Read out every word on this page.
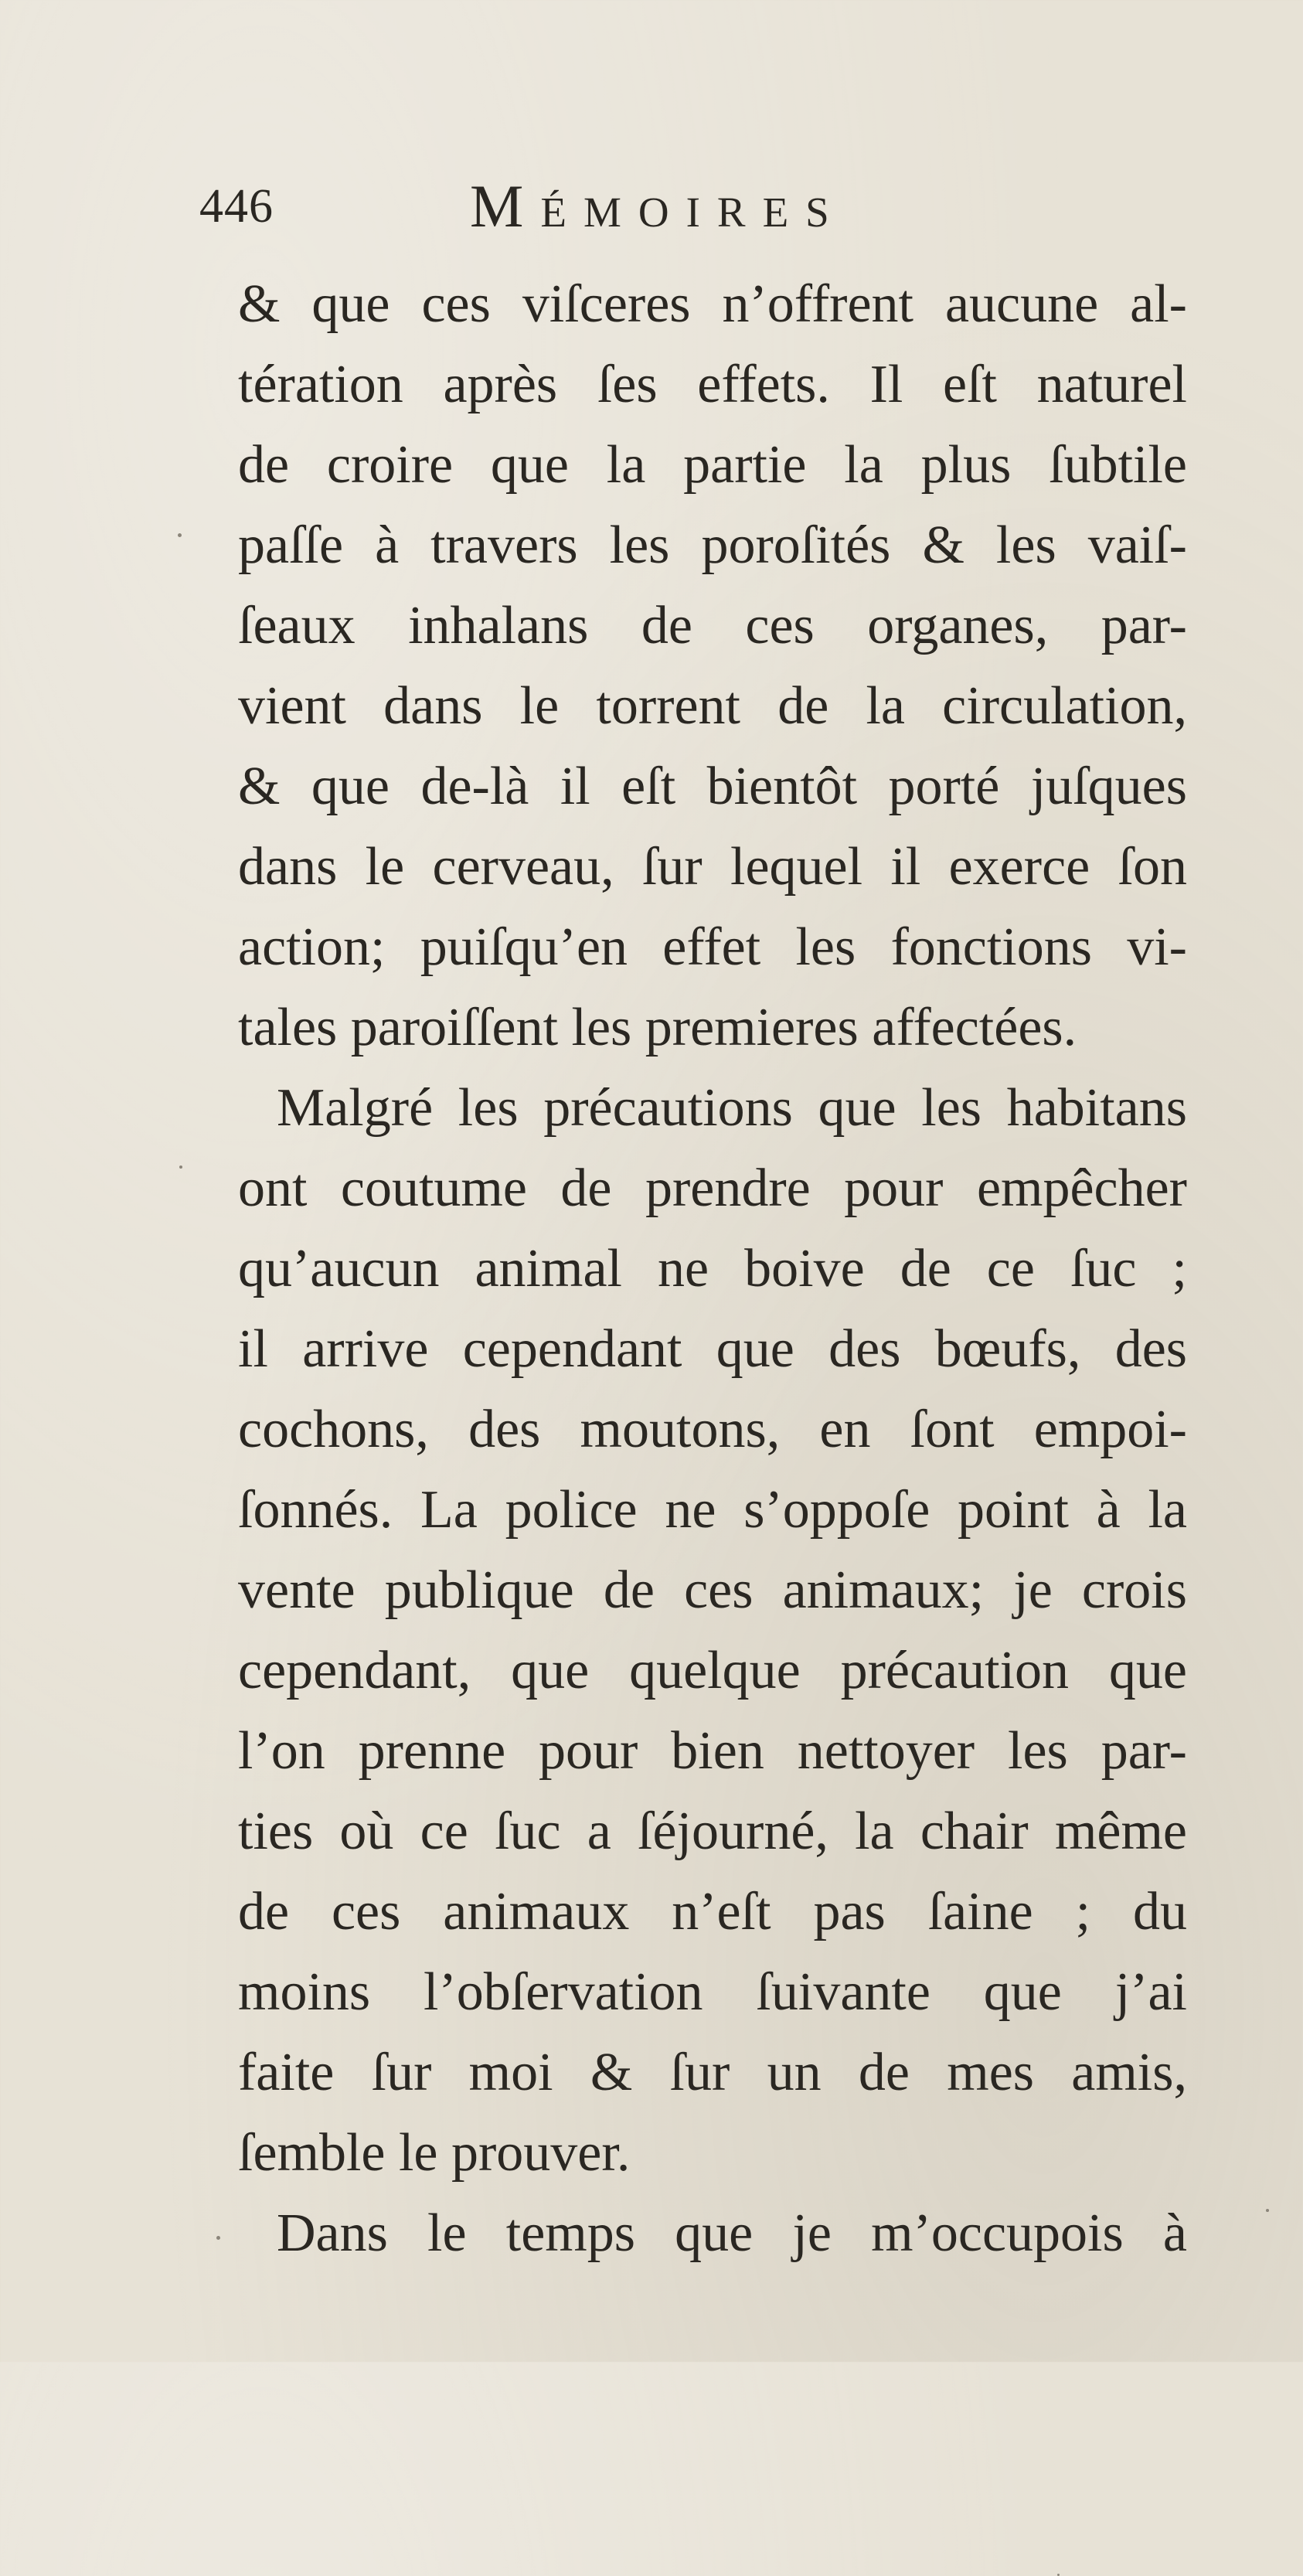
446	Mémoires
& que ces viſceres n’offrent aucune al-
tération après ſes effets. Il eſt naturel
de croire que la partie la plus ſubtile
paſſe à travers les poroſités & les vaiſ-
ſeaux inhalans de ces organes, par-
vient dans le torrent de la circulation,
& que de-là il eſt bientôt porté juſques
dans le cerveau, ſur lequel il exerce ſon
action; puiſqu’en effet les fonctions vi-
tales paroiſſent les premieres affectées.
Malgré les précautions que les habitans
ont coutume de prendre pour empêcher
qu’aucun animal ne boive de ce ſuc ;
il arrive cependant que des bœufs, des
cochons, des moutons, en ſont empoi-
ſonnés. La police ne s’oppoſe point à la
vente publique de ces animaux; je crois
cependant, que quelque précaution que
l’on prenne pour bien nettoyer les par-
ties où ce ſuc a ſéjourné, la chair même
de ces animaux n’eſt pas ſaine ; du
moins l’obſervation ſuivante que j’ai
faite ſur moi & ſur un de mes amis,
ſemble le prouver.
Dans le temps que je m’occupois à
